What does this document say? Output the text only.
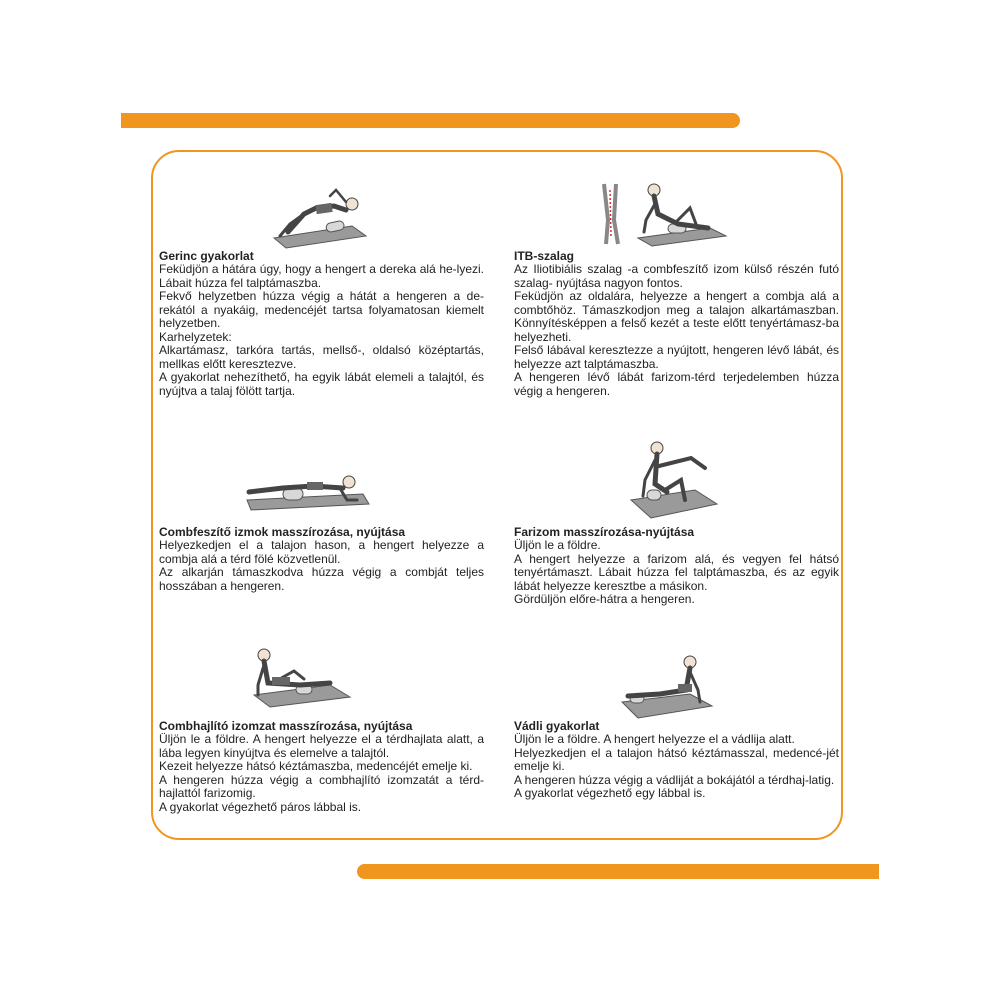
Gerinc gyakorlat

Feküdjön a hátára úgy, hogy a hengert a dereka alá he-lyezi. Lábait húzza fel talptámaszba.

Fekvő helyzetben húzza végig a hátát a hengeren a de-rekától a nyakáig, medencéjét tartsa folyamatosan kiemelt helyzetben.

Karhelyzetek:

Alkartámasz, tarkóra tartás, mellső-, oldalsó középtartás, mellkas előtt keresztezve.

A gyakorlat nehezíthető, ha egyik lábát elemeli a talajtól, és nyújtva a talaj fölött tartja.

ITB-szalag

Az Iliotibiális szalag -a combfeszítő izom külső részén futó szalag- nyújtása nagyon fontos.

Feküdjön az oldalára, helyezze a hengert a combja alá a combtőhöz. Támaszkodjon meg a talajon alkartámaszban. Könnyítésképpen a felső kezét a teste előtt tenyértámasz-ba helyezheti.

Felső lábával keresztezze a nyújtott, hengeren lévő lábát, és helyezze azt talptámaszba.

A hengeren lévő lábát farizom-térd terjedelemben húzza végig a hengeren.

Combfeszítő izmok masszírozása, nyújtása

Helyezkedjen el a talajon hason, a hengert helyezze a combja alá a térd fölé közvetlenül.

Az alkarján támaszkodva húzza végig a combját teljes hosszában a hengeren.

Farizom masszírozása-nyújtása

Üljön le a földre.

A hengert helyezze a farizom alá, és vegyen fel hátsó tenyértámaszt. Lábait húzza fel talptámaszba, és az egyik lábát helyezze keresztbe a másikon.

Gördüljön előre-hátra a hengeren.

Combhajlító izomzat masszírozása, nyújtása

Üljön le a földre. A hengert helyezze el a térdhajlata alatt, a lába legyen kinyújtva és elemelve a talajtól.

Kezeit helyezze hátsó kéztámaszba, medencéjét emelje ki.

A hengeren húzza végig a combhajlító izomzatát a térd-hajlattól farizomig.

A gyakorlat végezhető páros lábbal is.

Vádli gyakorlat

Üljön le a földre. A hengert helyezze el a vádlija alatt.

Helyezkedjen el a talajon hátsó kéztámasszal, medencé-jét emelje ki.

A hengeren húzza végig a vádliját a bokájától a térdhaj-latig.

A gyakorlat végezhető egy lábbal is.
